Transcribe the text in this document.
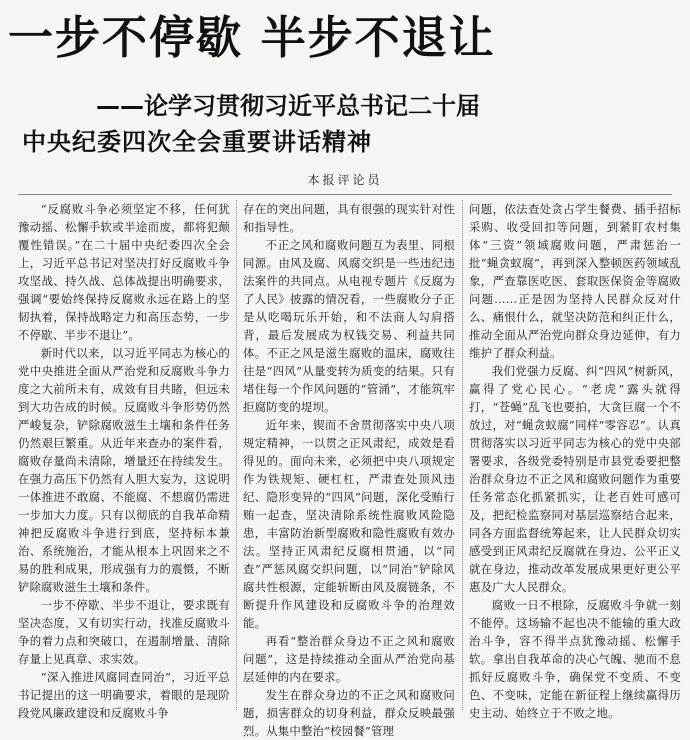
一步不停歇 半步不退让
——论学习贯彻习近平总书记二十届
中央纪委四次全会重要讲话精神
本报评论员

“反腐败斗争必须坚定不移，任何犹豫动摇、松懈手软或半途而废，都将犯颠覆性错误。”在二十届中央纪委四次全会上，习近平总书记对坚决打好反腐败斗争攻坚战、持久战、总体战提出明确要求，强调“要始终保持反腐败永远在路上的坚韧执着，保持战略定力和高压态势，一步不停歇、半步不退让”。

新时代以来，以习近平同志为核心的党中央推进全面从严治党和反腐败斗争力度之大前所未有，成效有目共睹，但远未到大功告成的时候。反腐败斗争形势仍然严峻复杂，铲除腐败滋生土壤和条件任务仍然艰巨繁重。从近年来查办的案件看，腐败存量尚未清除，增量还在持续发生。在强力高压下仍然有人胆大妄为，这说明一体推进不敢腐、不能腐、不想腐仍需进一步加大力度。只有以彻底的自我革命精神把反腐败斗争进行到底，坚持标本兼治、系统施治，才能从根本上巩固来之不易的胜利成果，形成强有力的震慑，不断铲除腐败滋生土壤和条件。

一步不停歇、半步不退让，要求既有坚决态度，又有切实行动，找准反腐败斗争的着力点和突破口，在遏制增量、清除存量上见真章、求实效。

“深入推进风腐同查同治”，习近平总书记提出的这一明确要求，着眼的是现阶段党风廉政建设和反腐败斗争

存在的突出问题，具有很强的现实针对性和指导性。

不正之风和腐败问题互为表里、同根同源。由风及腐、风腐交织是一些违纪违法案件的共同点。从电视专题片《反腐为了人民》披露的情况看，一些腐败分子正是从吃喝玩乐开始，和不法商人勾肩搭背，最后发展成为权钱交易、利益共同体。不正之风是滋生腐败的温床，腐败往往是“四风”从量变转为质变的结果。只有堵住每一个作风问题的“管涌”，才能筑牢拒腐防变的堤坝。

近年来，锲而不舍贯彻落实中央八项规定精神，一以贯之正风肃纪，成效是看得见的。面向未来，必须把中央八项规定作为铁规矩、硬杠杠，严肃查处顶风违纪、隐形变异的“四风”问题，深化受贿行贿一起查，坚决清除系统性腐败风险隐患，丰富防治新型腐败和隐性腐败有效办法。坚持正风肃纪反腐相贯通，以“同查”严惩风腐交织问题，以“同治”铲除风腐共性根源，定能斩断由风及腐链条，不断提升作风建设和反腐败斗争的治理效能。

再看“整治群众身边不正之风和腐败问题”，这是持续推动全面从严治党向基层延伸的内在要求。

发生在群众身边的不正之风和腐败问题，损害群众的切身利益，群众反映最强烈。从集中整治“校园餐”管理

问题，依法查处贪占学生餐费、插手招标采购、收受回扣等问题，到紧盯农村集体“三资”领域腐败问题，严肃惩治一批“蝇贪蚁腐”，再到深入整顿医药领域乱象，严查靠医吃医、套取医保资金等腐败问题……正是因为坚持人民群众反对什么、痛恨什么，就坚决防范和纠正什么，推动全面从严治党向群众身边延伸，有力维护了群众利益。

我们党强力反腐、纠“四风”树新风，赢得了党心民心。“老虎”露头就得打，“苍蝇”乱飞也要拍，大贪巨腐一个不放过，对“蝇贪蚁腐”同样“零容忍”。认真贯彻落实以习近平同志为核心的党中央部署要求，各级党委特别是市县党委要把整治群众身边不正之风和腐败问题作为重要任务常态化抓紧抓实，让老百姓可感可及，把纪检监察同对基层巡察结合起来，同各方面监督统筹起来，让人民群众切实感受到正风肃纪反腐就在身边、公平正义就在身边，推动改革发展成果更好更公平惠及广大人民群众。

腐败一日不根除，反腐败斗争就一刻不能停。这场输不起也决不能输的重大政治斗争，容不得半点犹豫动摇、松懈手软。拿出自我革命的决心气魄、驰而不息抓好反腐败斗争，确保党不变质、不变色、不变味，定能在新征程上继续赢得历史主动、始终立于不败之地。
